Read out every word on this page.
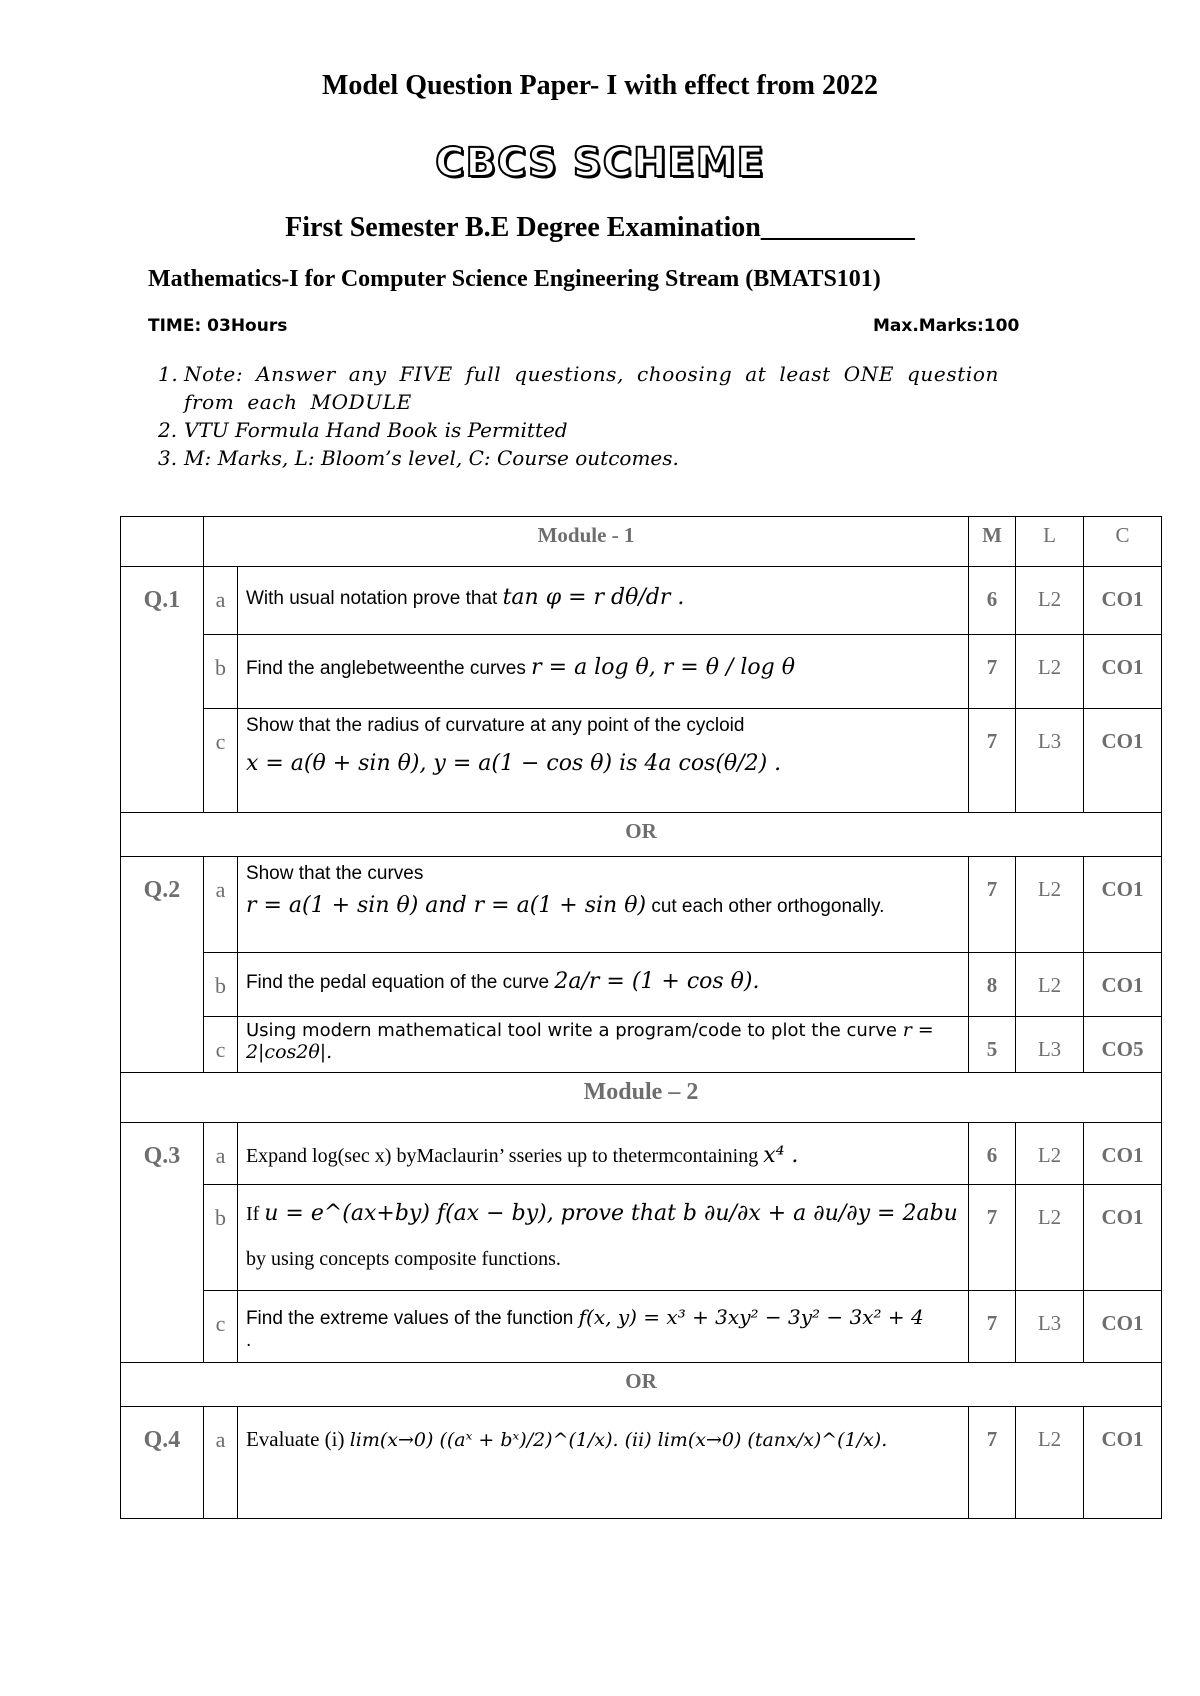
Model Question Paper- I with effect from 2022
CBCS SCHEME
First Semester B.E Degree Examination___________
Mathematics-I for Computer Science Engineering Stream (BMATS101)
TIME: 03Hours	Max.Marks:100
1. Note: Answer any FIVE full questions, choosing at least ONE question from each MODULE
2. VTU Formula Hand Book is Permitted
3. M: Marks, L: Bloom’s level, C: Course outcomes.
	Module - 1		M	L	C
Q.1	a	With usual notation prove that tan φ = r dθ/dr .	6	L2	CO1
	b	Find the anglebetweenthe curves r = a log θ, r = θ / log θ	7	L2	CO1
	c	Show that the radius of curvature at any point of the cycloid
x = a(θ + sin θ), y = a(1 − cos θ) is 4a cos(θ/2) .	7	L3	CO1
OR					
Q.2	a	Show that the curves
r = a(1 + sin θ) and r = a(1 + sin θ) cut each other orthogonally.	7	L2	CO1
	b	Find the pedal equation of the curve 2a/r = (1 + cos θ).	8	L2	CO1
	c	Using modern mathematical tool write a program/code to plot the curve r = 2|cos2θ|.	5	L3	CO5
Module – 2					
Q.3	a	Expand log(sec x) byMaclaurin’ sseries up to thetermcontaining x⁴ .	6	L2	CO1
	b	If u = e^(ax+by) f(ax − by), prove that b ∂u/∂x + a ∂u/∂y = 2abu
by using concepts composite functions.	7	L2	CO1
	c	Find the extreme values of the function f(x, y) = x³ + 3xy² − 3y² − 3x² + 4
.	7	L3	CO1
OR					
Q.4	a	Evaluate (i) lim(x→0) ((aˣ + bˣ)/2)^(1/x). (ii) lim(x→0) (tanx/x)^(1/x).	7	L2	CO1
